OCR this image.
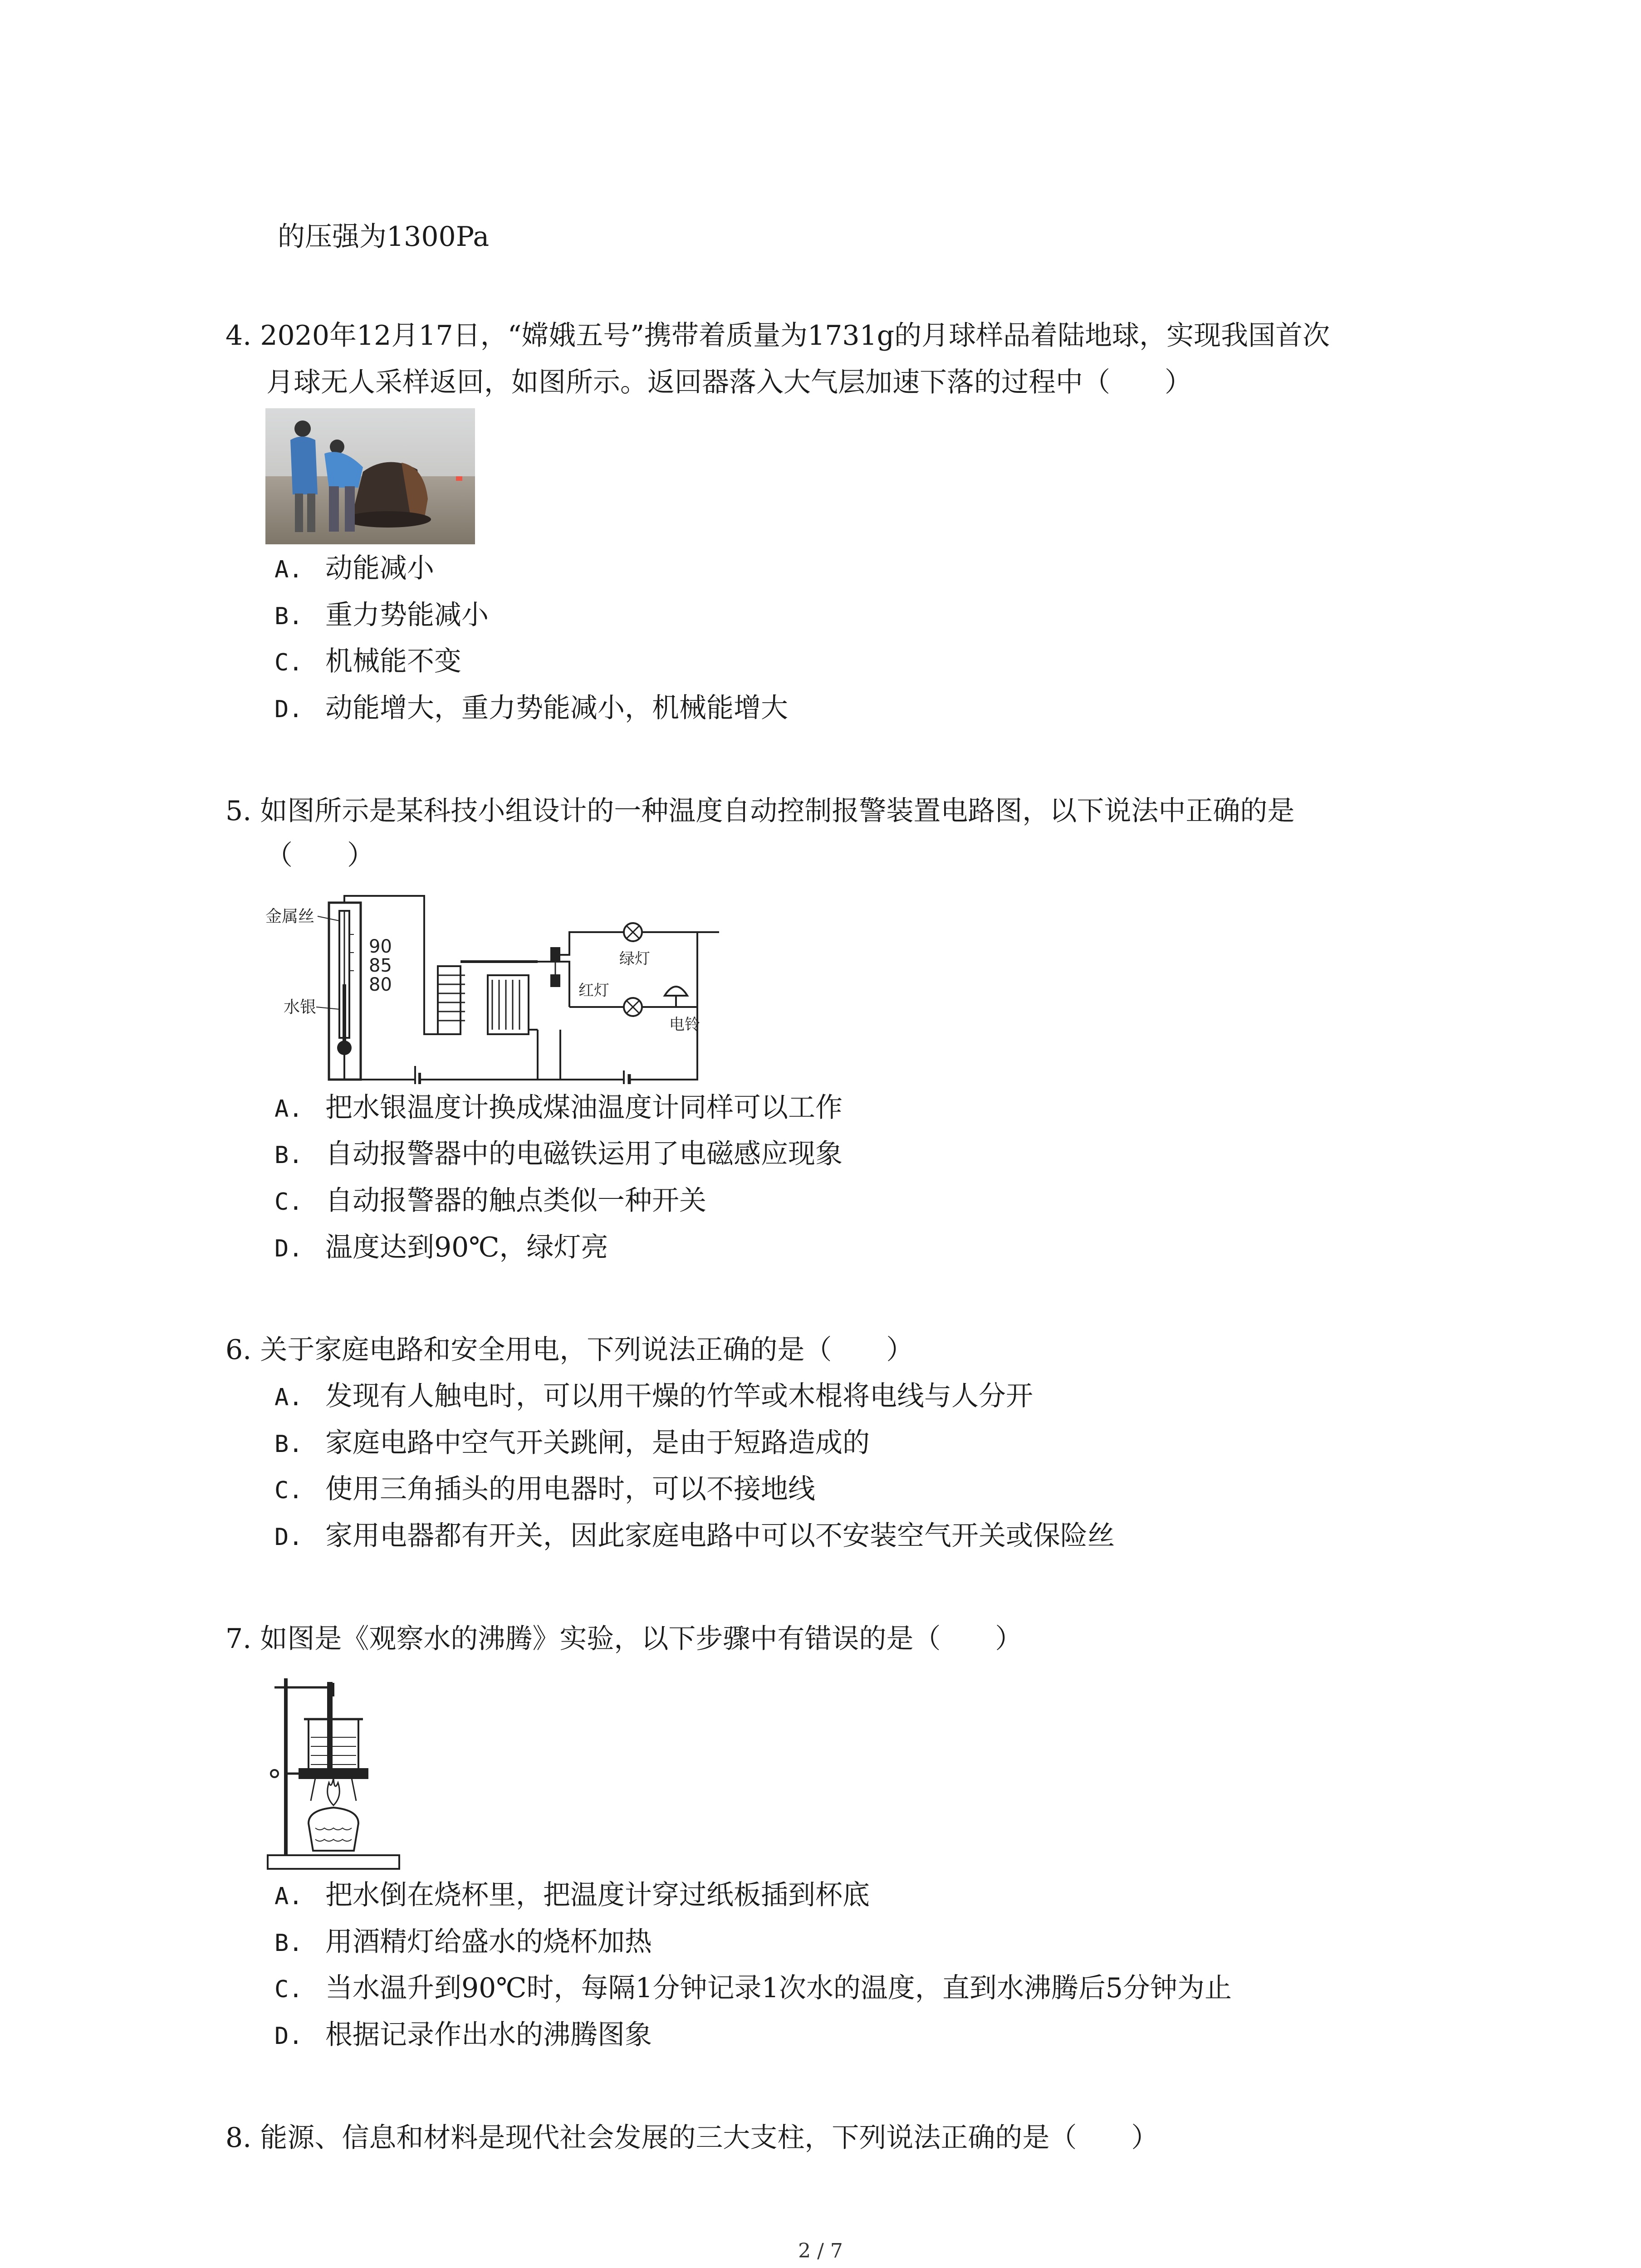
的压强为1300Pa
4. 2020年12月17日，“嫦娥五号”携带着质量为1731g的月球样品着陆地球，实现我国首次
月球无人采样返回，如图所示。返回器落入大气层加速下落的过程中（　　）
A. 动能减小
B. 重力势能减小
C. 机械能不变
D. 动能增大，重力势能减小，机械能增大
5. 如图所示是某科技小组设计的一种温度自动控制报警装置电路图，以下说法中正确的是
（　　）
90
85
80
金属丝
水银
绿灯
红灯
电铃
A. 把水银温度计换成煤油温度计同样可以工作
B. 自动报警器中的电磁铁运用了电磁感应现象
C. 自动报警器的触点类似一种开关
D. 温度达到90℃，绿灯亮
6. 关于家庭电路和安全用电，下列说法正确的是（　　）
A. 发现有人触电时，可以用干燥的竹竿或木棍将电线与人分开
B. 家庭电路中空气开关跳闸，是由于短路造成的
C. 使用三角插头的用电器时，可以不接地线
D. 家用电器都有开关，因此家庭电路中可以不安装空气开关或保险丝
7. 如图是《观察水的沸腾》实验，以下步骤中有错误的是（　　）
A. 把水倒在烧杯里，把温度计穿过纸板插到杯底
B. 用酒精灯给盛水的烧杯加热
C. 当水温升到90℃时，每隔1分钟记录1次水的温度，直到水沸腾后5分钟为止
D. 根据记录作出水的沸腾图象
8. 能源、信息和材料是现代社会发展的三大支柱，下列说法正确的是（　　）
2 / 7
